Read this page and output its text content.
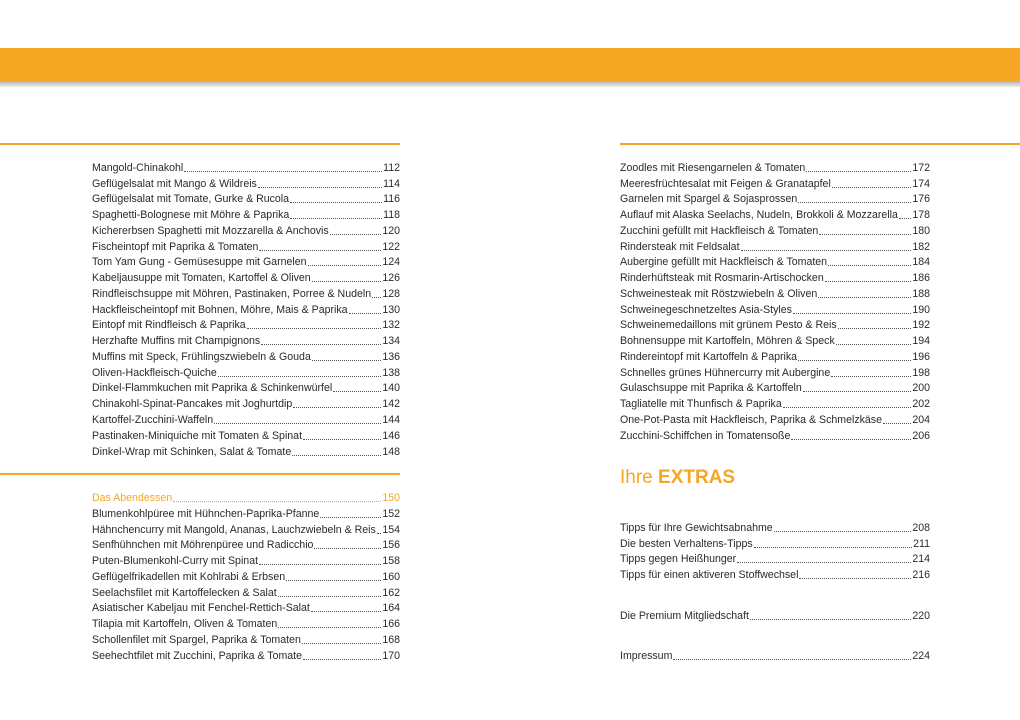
Mangold-Chinakohl	112
Geflügelsalat mit Mango & Wildreis	114
Geflügelsalat mit Tomate, Gurke & Rucola	116
Spaghetti-Bolognese mit Möhre & Paprika	118
Kichererbsen Spaghetti mit Mozzarella & Anchovis	120
Fischeintopf mit Paprika & Tomaten	122
Tom Yam Gung - Gemüsesuppe mit Garnelen	124
Kabeljausuppe mit Tomaten, Kartoffel & Oliven	126
Rindfleischsuppe mit Möhren, Pastinaken, Porree & Nudeln 128
Hackfleischeintopf mit Bohnen, Möhre, Mais & Paprika	130
Eintopf mit Rindfleisch & Paprika	132
Herzhafte Muffins mit Champignons	134
Muffins mit Speck, Frühlingszwiebeln & Gouda	136
Oliven-Hackfleisch-Quiche	138
Dinkel-Flammkuchen mit Paprika & Schinkenwürfel	140
Chinakohl-Spinat-Pancakes mit Joghurtdip	142
Kartoffel-Zucchini-Waffeln	144
Pastinaken-Miniquiche mit Tomaten & Spinat	146
Dinkel-Wrap mit Schinken, Salat & Tomate	148
Das Abendessen	150
Blumenkohlpüree mit Hühnchen-Paprika-Pfanne	152
Hähnchencurry mit Mangold, Ananas, Lauchzwiebeln & Reis 154
Senfhühnchen mit Möhrenpüree und Radicchio	156
Puten-Blumenkohl-Curry mit Spinat	158
Geflügelfrikadellen mit Kohlrabi & Erbsen	160
Seelachsfilet mit Kartoffelecken & Salat	162
Asiatischer Kabeljau mit Fenchel-Rettich-Salat	164
Tilapia mit Kartoffeln, Oliven & Tomaten	166
Schollenfilet mit Spargel, Paprika & Tomaten	168
Seehechtfilet mit Zucchini, Paprika & Tomate	170
Zoodles mit Riesengarnelen & Tomaten	172
Meeresfrüchtesalat mit Feigen & Granatapfel	174
Garnelen mit Spargel & Sojasprossen	176
Auflauf mit Alaska Seelachs, Nudeln, Brokkoli & Mozzarella 178
Zucchini gefüllt mit Hackfleisch & Tomaten	180
Rindersteak mit Feldsalat	182
Aubergine gefüllt mit Hackfleisch & Tomaten	184
Rinderhüftsteak mit Rosmarin-Artischocken	186
Schweinesteak mit Röstzwiebeln & Oliven	188
Schweinegeschnetzeltes Asia-Styles	190
Schweinemedaillons mit grünem Pesto & Reis	192
Bohnensuppe mit Kartoffeln, Möhren & Speck	194
Rindereintopf mit Kartoffeln & Paprika	196
Schnelles grünes Hühnercurry mit Aubergine	198
Gulaschsuppe mit Paprika & Kartoffeln	200
Tagliatelle mit Thunfisch & Paprika	202
One-Pot-Pasta mit Hackfleisch, Paprika & Schmelzkäse	204
Zucchini-Schiffchen in Tomatensoße	206
Ihre EXTRAS
Tipps für Ihre Gewichtsabnahme	208
Die besten Verhaltens-Tipps	211
Tipps gegen Heißhunger	214
Tipps für einen aktiveren Stoffwechsel	216
Die Premium Mitgliedschaft	220
Impressum	224
